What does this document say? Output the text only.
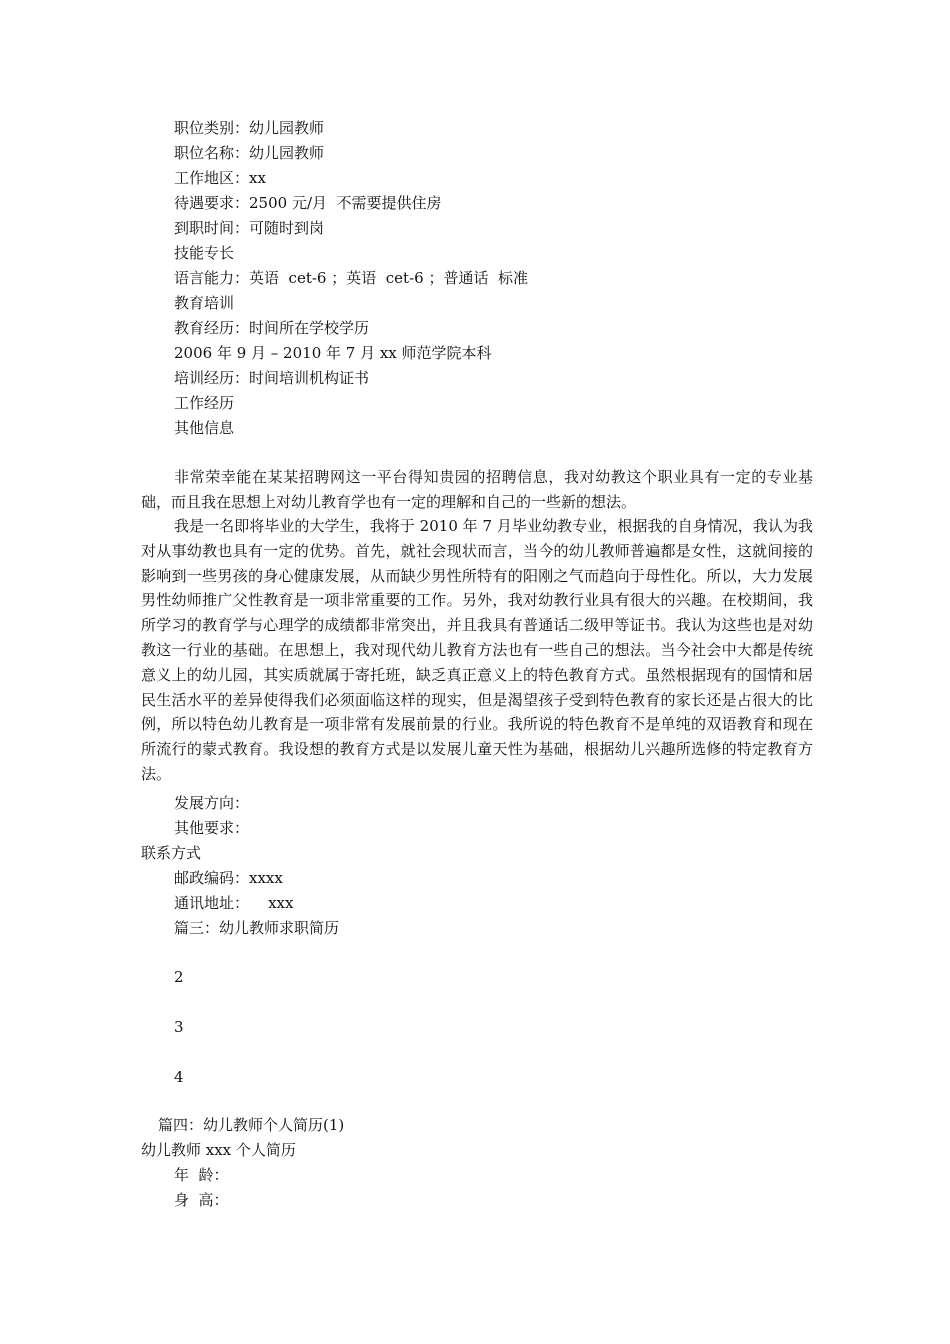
职位类别：幼儿园教师
职位名称：幼儿园教师
工作地区：xx
待遇要求：2500 元/月  不需要提供住房
到职时间：可随时到岗
技能专长
语言能力：英语  cet-6 ；英语  cet-6 ；普通话  标准
教育培训
教育经历：时间所在学校学历
2006 年 9 月 – 2010 年 7 月 xx 师范学院本科
培训经历：时间培训机构证书
工作经历
其他信息

非常荣幸能在某某招聘网这一平台得知贵园的招聘信息，我对幼教这个职业具有一定的专业基础，而且我在思想上对幼儿教育学也有一定的理解和自己的一些新的想法。

我是一名即将毕业的大学生，我将于 2010 年 7 月毕业幼教专业，根据我的自身情况，我认为我对从事幼教也具有一定的优势。首先，就社会现状而言，当今的幼儿教师普遍都是女性，这就间接的影响到一些男孩的身心健康发展，从而缺少男性所特有的阳刚之气而趋向于母性化。所以，大力发展男性幼师推广父性教育是一项非常重要的工作。另外，我对幼教行业具有很大的兴趣。在校期间，我所学习的教育学与心理学的成绩都非常突出，并且我具有普通话二级甲等证书。我认为这些也是对幼教这一行业的基础。在思想上，我对现代幼儿教育方法也有一些自己的想法。当今社会中大都是传统意义上的幼儿园，其实质就属于寄托班，缺乏真正意义上的特色教育方式。虽然根据现有的国情和居民生活水平的差异使得我们必须面临这样的现实，但是渴望孩子受到特色教育的家长还是占很大的比例，所以特色幼儿教育是一项非常有发展前景的行业。我所说的特色教育不是单纯的双语教育和现在所流行的蒙式教育。我设想的教育方式是以发展儿童天性为基础，根据幼儿兴趣所选修的特定教育方法。

发展方向：
其他要求：
联系方式
邮政编码：xxxx
通讯地址：    xxx
篇三：幼儿教师求职简历
2
3
4
篇四：幼儿教师个人简历(1)
幼儿教师 xxx 个人简历
年  龄：
身  高：
